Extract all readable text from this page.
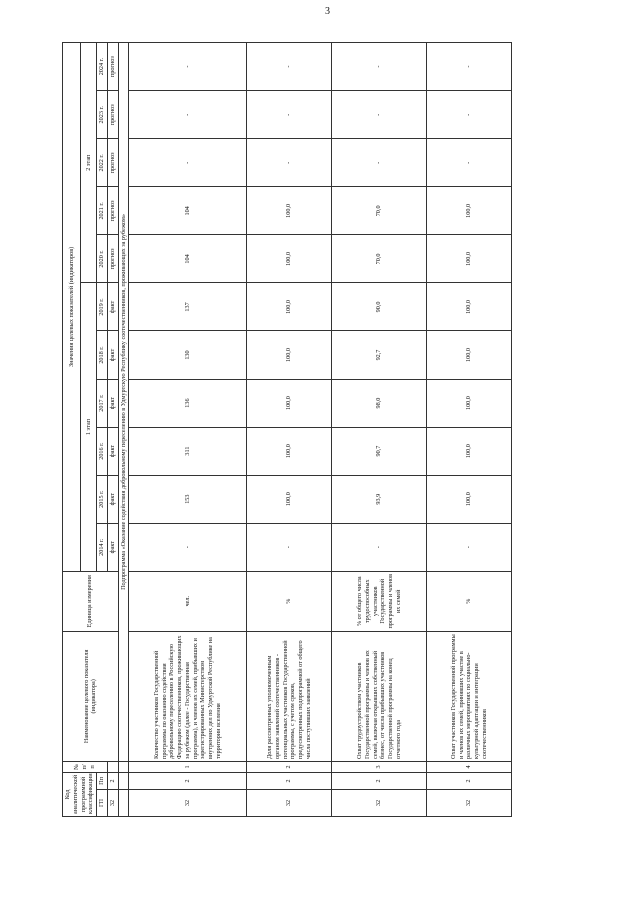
3
Код аналитической программной классификации		№ п/п	Наименование целевого показателя (индикатора)	Единица измерения	Значения целевых показателей (индикаторов)										
					1 этап						2 этап				
ГП	Пп				2014 г.	2015 г.	2016 г.	2017 г.	2018 г.	2019 г.	2020 г.	2021 г.	2022 г.	2023 г.	2024 г.
32	2				факт	факт	факт	факт	факт	факт	прогноз	прогноз	прогноз	прогноз	прогноз
			Подпрограмма «Оказание содействия добровольному переселению в Удмуртскую Республику соотечественников, проживающих за рубежом»												
32	2	1	Количество участников Государственной программы по оказанию содействия добровольному переселению в Российскую Федерацию соотечественников, проживающих за рубежом (далее - Государственная программа), и членов их семей, прибывших и зарегистрированных Министерством внутренних дел по Удмуртской Республике на территории вселения	чел.	-	153	311	136	130	137	104	104	-	-	-
32	2	2	Доля рассмотренных уполномоченным органом заявлений соотечественников - потенциальных участников Государственной программы, с учетом сроков, предусмотренных подпрограммой от общего числа поступивших заявлений	%	-	100,0	100,0	100,0	100,0	100,0	100,0	100,0	-	-	-
32	2	3	Охват трудоустройством участников Государственной программы и членов их семей, включая открывших собственный бизнес, от числа прибывших участников Государственной программы на конец отчетного года	% от общего числа трудоспособных участников Государственной программы и членов их семей	-	93,9	90,7	98,0	92,7	90,0	70,0	70,0	-	-	-
32	2	4	Охват участников Государственной программы и членов их семей, принявших участие в различных мероприятиях по социально-культурной адаптации и интеграции соотечественников	%	-	100,0	100,0	100,0	100,0	100,0	100,0	100,0	-	-	-
